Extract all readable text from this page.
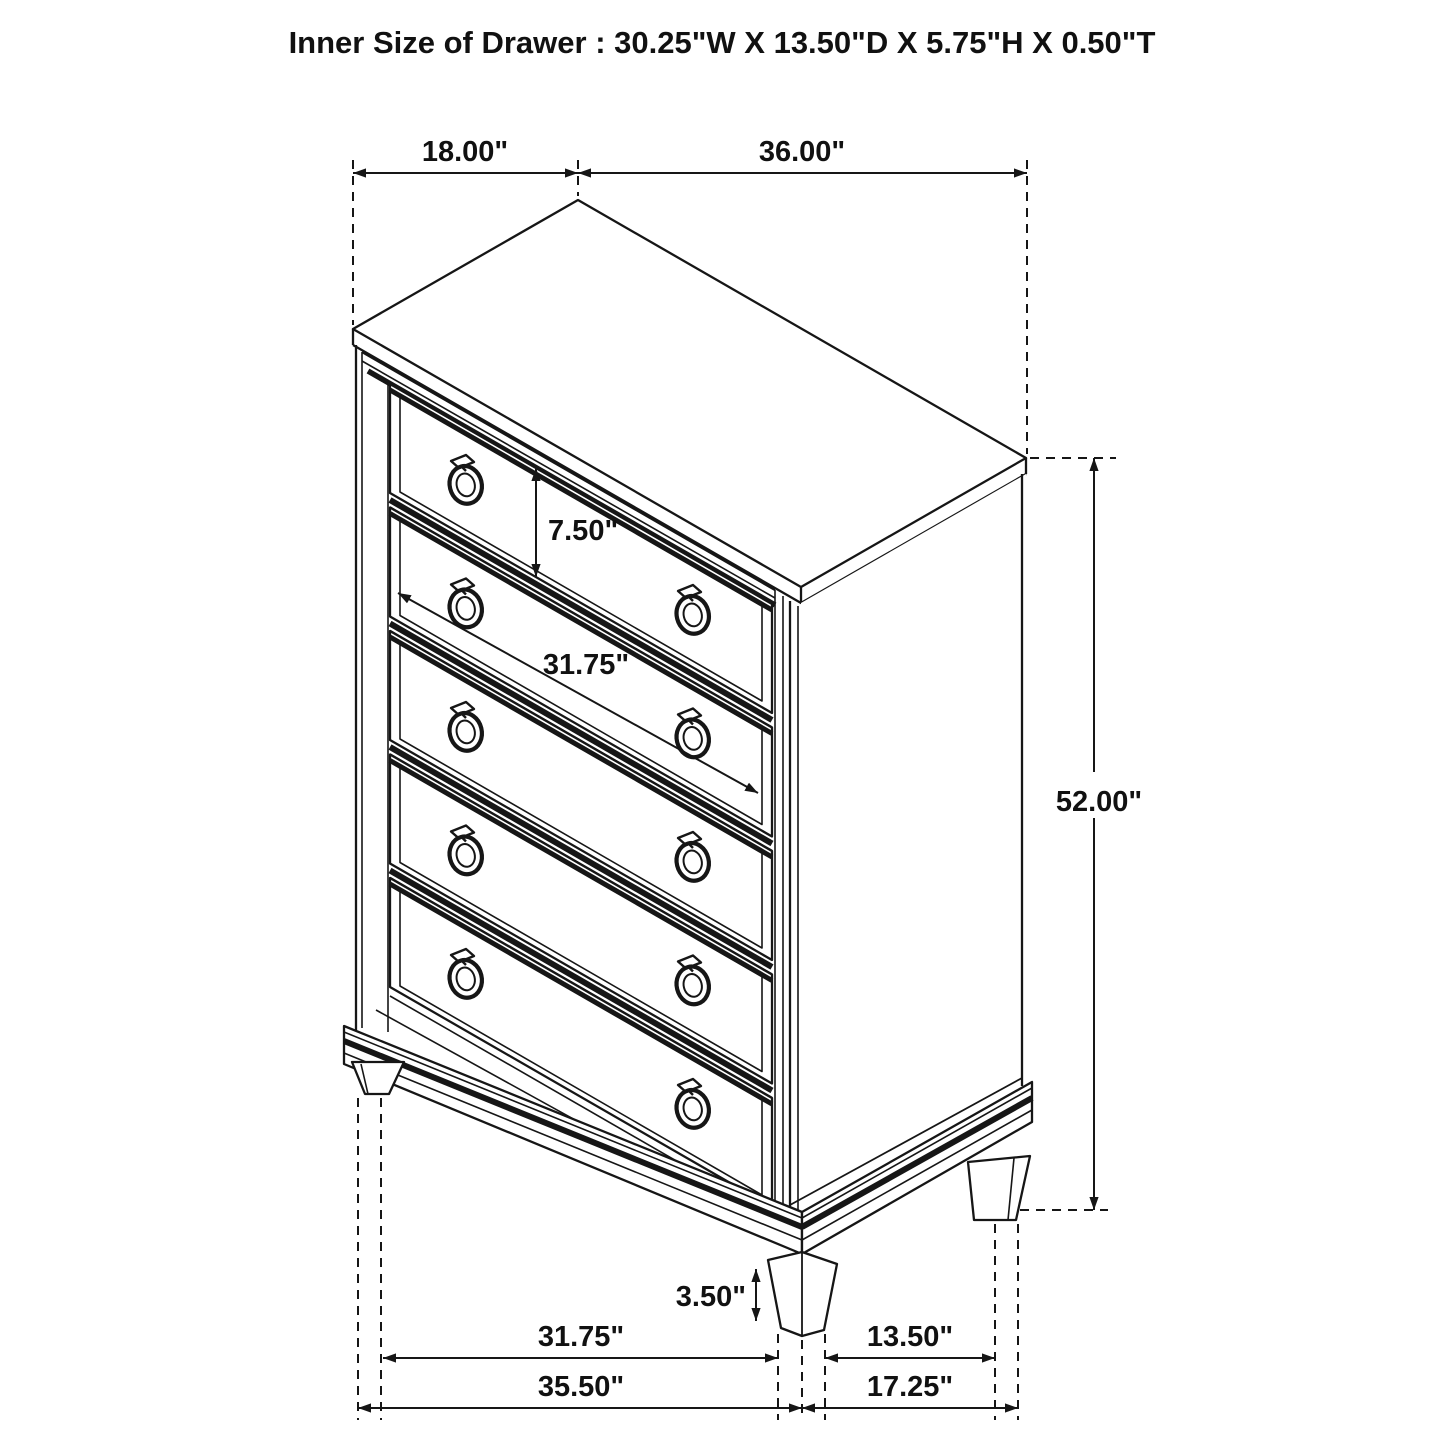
Inner Size of Drawer : 30.25"W X 13.50"D X 5.75"H X 0.50"T
18.00"	36.00"
7.50"
31.75"
52.00"
3.50"
31.75"	13.50"
35.50"	17.25"
